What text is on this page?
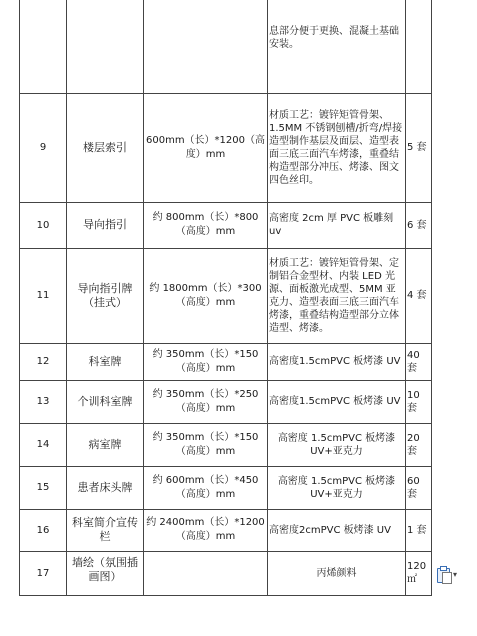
			息部分便于更换、混凝土基础安装。	
9	楼层索引	600mm（长）*1200（高度）mm	材质工艺：镀锌矩管骨架、1.5MM 不锈钢刨槽/折弯/焊接造型制作基层及面层、造型表面三底三面汽车烤漆，重叠结构造型部分冲压、烤漆、图文四色丝印。	5 套
10	导向指引	约 800mm（长）*800（高度）mm	高密度 2cm 厚 PVC 板雕刻 uv	6 套
11	导向指引牌（挂式）	约 1800mm（长）*300（高度）mm	材质工艺：镀锌矩管骨架、定制铝合金型材、内装 LED 光源、面板激光成型、5MM 亚克力、造型表面三底三面汽车烤漆，重叠结构造型部分立体造型、烤漆。	4 套
12	科室牌	约 350mm（长）*150（高度）mm	高密度1.5cmPVC 板烤漆 UV	40 套
13	个训科室牌	约 350mm（长）*250（高度）mm	高密度1.5cmPVC 板烤漆 UV	10 套
14	病室牌	约 350mm（长）*150（高度）mm	高密度 1.5cmPVC 板烤漆 UV+亚克力	20 套
15	患者床头牌	约 600mm（长）*450（高度）mm	高密度 1.5cmPVC 板烤漆 UV+亚克力	60 套
16	科室简介宣传栏	约 2400mm（长）*1200（高度）mm	高密度2cmPVC 板烤漆 UV	1 套
17	墙绘（氛围插画图）		丙烯颜料	120 ㎡	▾
